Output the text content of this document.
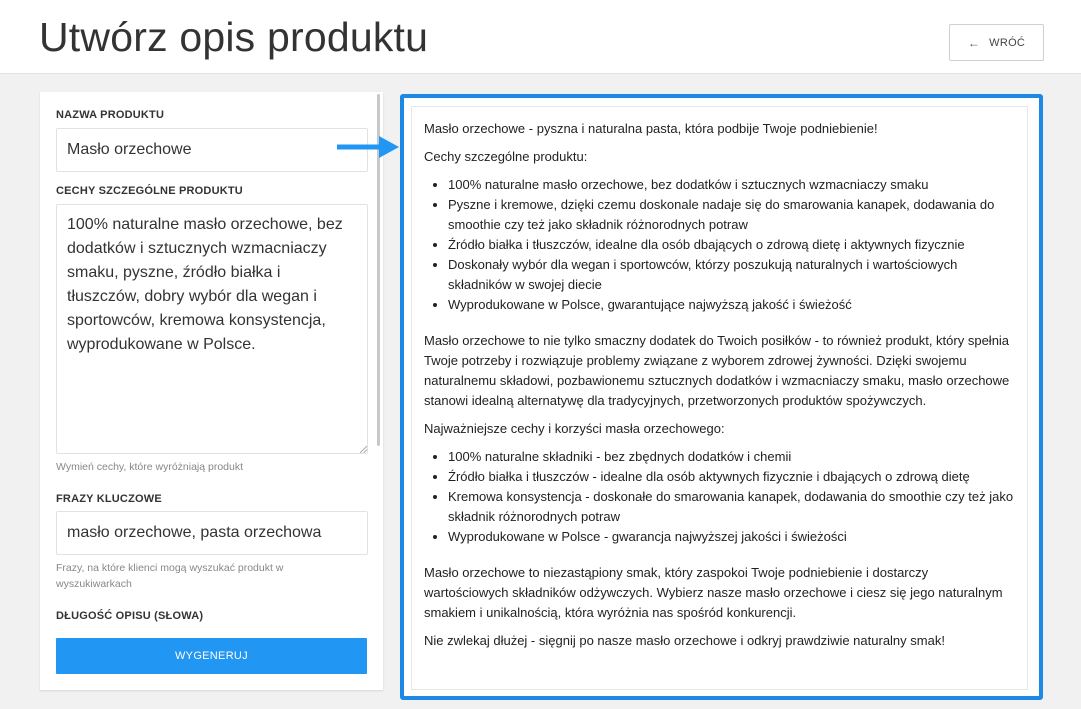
Utwórz opis produktu	← WRÓĆ
NAZWA PRODUKTU
Masło orzechowe
CECHY SZCZEGÓLNE PRODUKTU
100% naturalne masło orzechowe, bez dodatków i sztucznych wzmacniaczy smaku, pyszne, źródło białka i tłuszczów, dobry wybór dla wegan i sportowców, kremowa konsystencja, wyprodukowane w Polsce.
Wymień cechy, które wyróżniają produkt
FRAZY KLUCZOWE
masło orzechowe, pasta orzechowa
Frazy, na które klienci mogą wyszukać produkt w wyszukiwarkach
DŁUGOŚĆ OPISU (SŁOWA)
WYGENERUJ

Masło orzechowe - pyszna i naturalna pasta, która podbije Twoje podniebienie!

Cechy szczególne produktu:

• 100% naturalne masło orzechowe, bez dodatków i sztucznych wzmacniaczy smaku
• Pyszne i kremowe, dzięki czemu doskonale nadaje się do smarowania kanapek, dodawania do smoothie czy też jako składnik różnorodnych potraw
• Źródło białka i tłuszczów, idealne dla osób dbających o zdrową dietę i aktywnych fizycznie
• Doskonały wybór dla wegan i sportowców, którzy poszukują naturalnych i wartościowych składników w swojej diecie
• Wyprodukowane w Polsce, gwarantujące najwyższą jakość i świeżość

Masło orzechowe to nie tylko smaczny dodatek do Twoich posiłków - to również produkt, który spełnia Twoje potrzeby i rozwiązuje problemy związane z wyborem zdrowej żywności. Dzięki swojemu naturalnemu składowi, pozbawionemu sztucznych dodatków i wzmacniaczy smaku, masło orzechowe stanowi idealną alternatywę dla tradycyjnych, przetworzonych produktów spożywczych.

Najważniejsze cechy i korzyści masła orzechowego:

• 100% naturalne składniki - bez zbędnych dodatków i chemii
• Źródło białka i tłuszczów - idealne dla osób aktywnych fizycznie i dbających o zdrową dietę
• Kremowa konsystencja - doskonałe do smarowania kanapek, dodawania do smoothie czy też jako składnik różnorodnych potraw
• Wyprodukowane w Polsce - gwarancja najwyższej jakości i świeżości

Masło orzechowe to niezastąpiony smak, który zaspokoi Twoje podniebienie i dostarczy wartościowych składników odżywczych. Wybierz nasze masło orzechowe i ciesz się jego naturalnym smakiem i unikalnością, która wyróżnia nas spośród konkurencji.

Nie zwlekaj dłużej - sięgnij po nasze masło orzechowe i odkryj prawdziwie naturalny smak!
